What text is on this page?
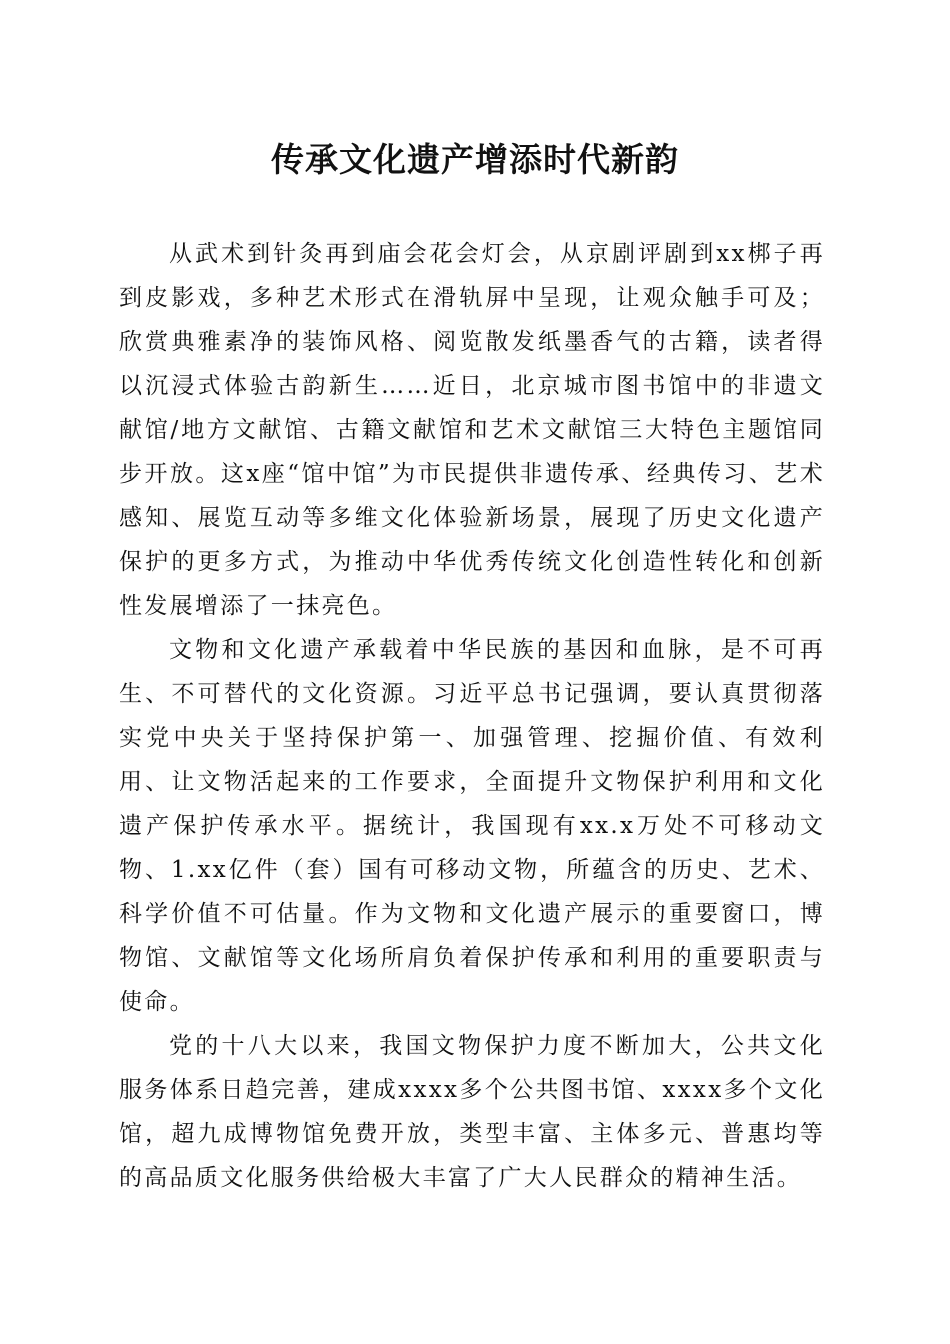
传承文化遗产增添时代新韵

从武术到针灸再到庙会花会灯会，从京剧评剧到xx梆子再到皮影戏，多种艺术形式在滑轨屏中呈现，让观众触手可及；欣赏典雅素净的装饰风格、阅览散发纸墨香气的古籍，读者得以沉浸式体验古韵新生……近日，北京城市图书馆中的非遗文献馆/地方文献馆、古籍文献馆和艺术文献馆三大特色主题馆同步开放。这x座“馆中馆”为市民提供非遗传承、经典传习、艺术感知、展览互动等多维文化体验新场景，展现了历史文化遗产保护的更多方式，为推动中华优秀传统文化创造性转化和创新性发展增添了一抹亮色。

文物和文化遗产承载着中华民族的基因和血脉，是不可再生、不可替代的文化资源。习近平总书记强调，要认真贯彻落实党中央关于坚持保护第一、加强管理、挖掘价值、有效利用、让文物活起来的工作要求，全面提升文物保护利用和文化遗产保护传承水平。据统计，我国现有xx.x万处不可移动文物、1.xx亿件（套）国有可移动文物，所蕴含的历史、艺术、科学价值不可估量。作为文物和文化遗产展示的重要窗口，博物馆、文献馆等文化场所肩负着保护传承和利用的重要职责与使命。

党的十八大以来，我国文物保护力度不断加大，公共文化服务体系日趋完善，建成xxxx多个公共图书馆、xxxx多个文化馆，超九成博物馆免费开放，类型丰富、主体多元、普惠均等的高品质文化服务供给极大丰富了广大人民群众的精神生活。
